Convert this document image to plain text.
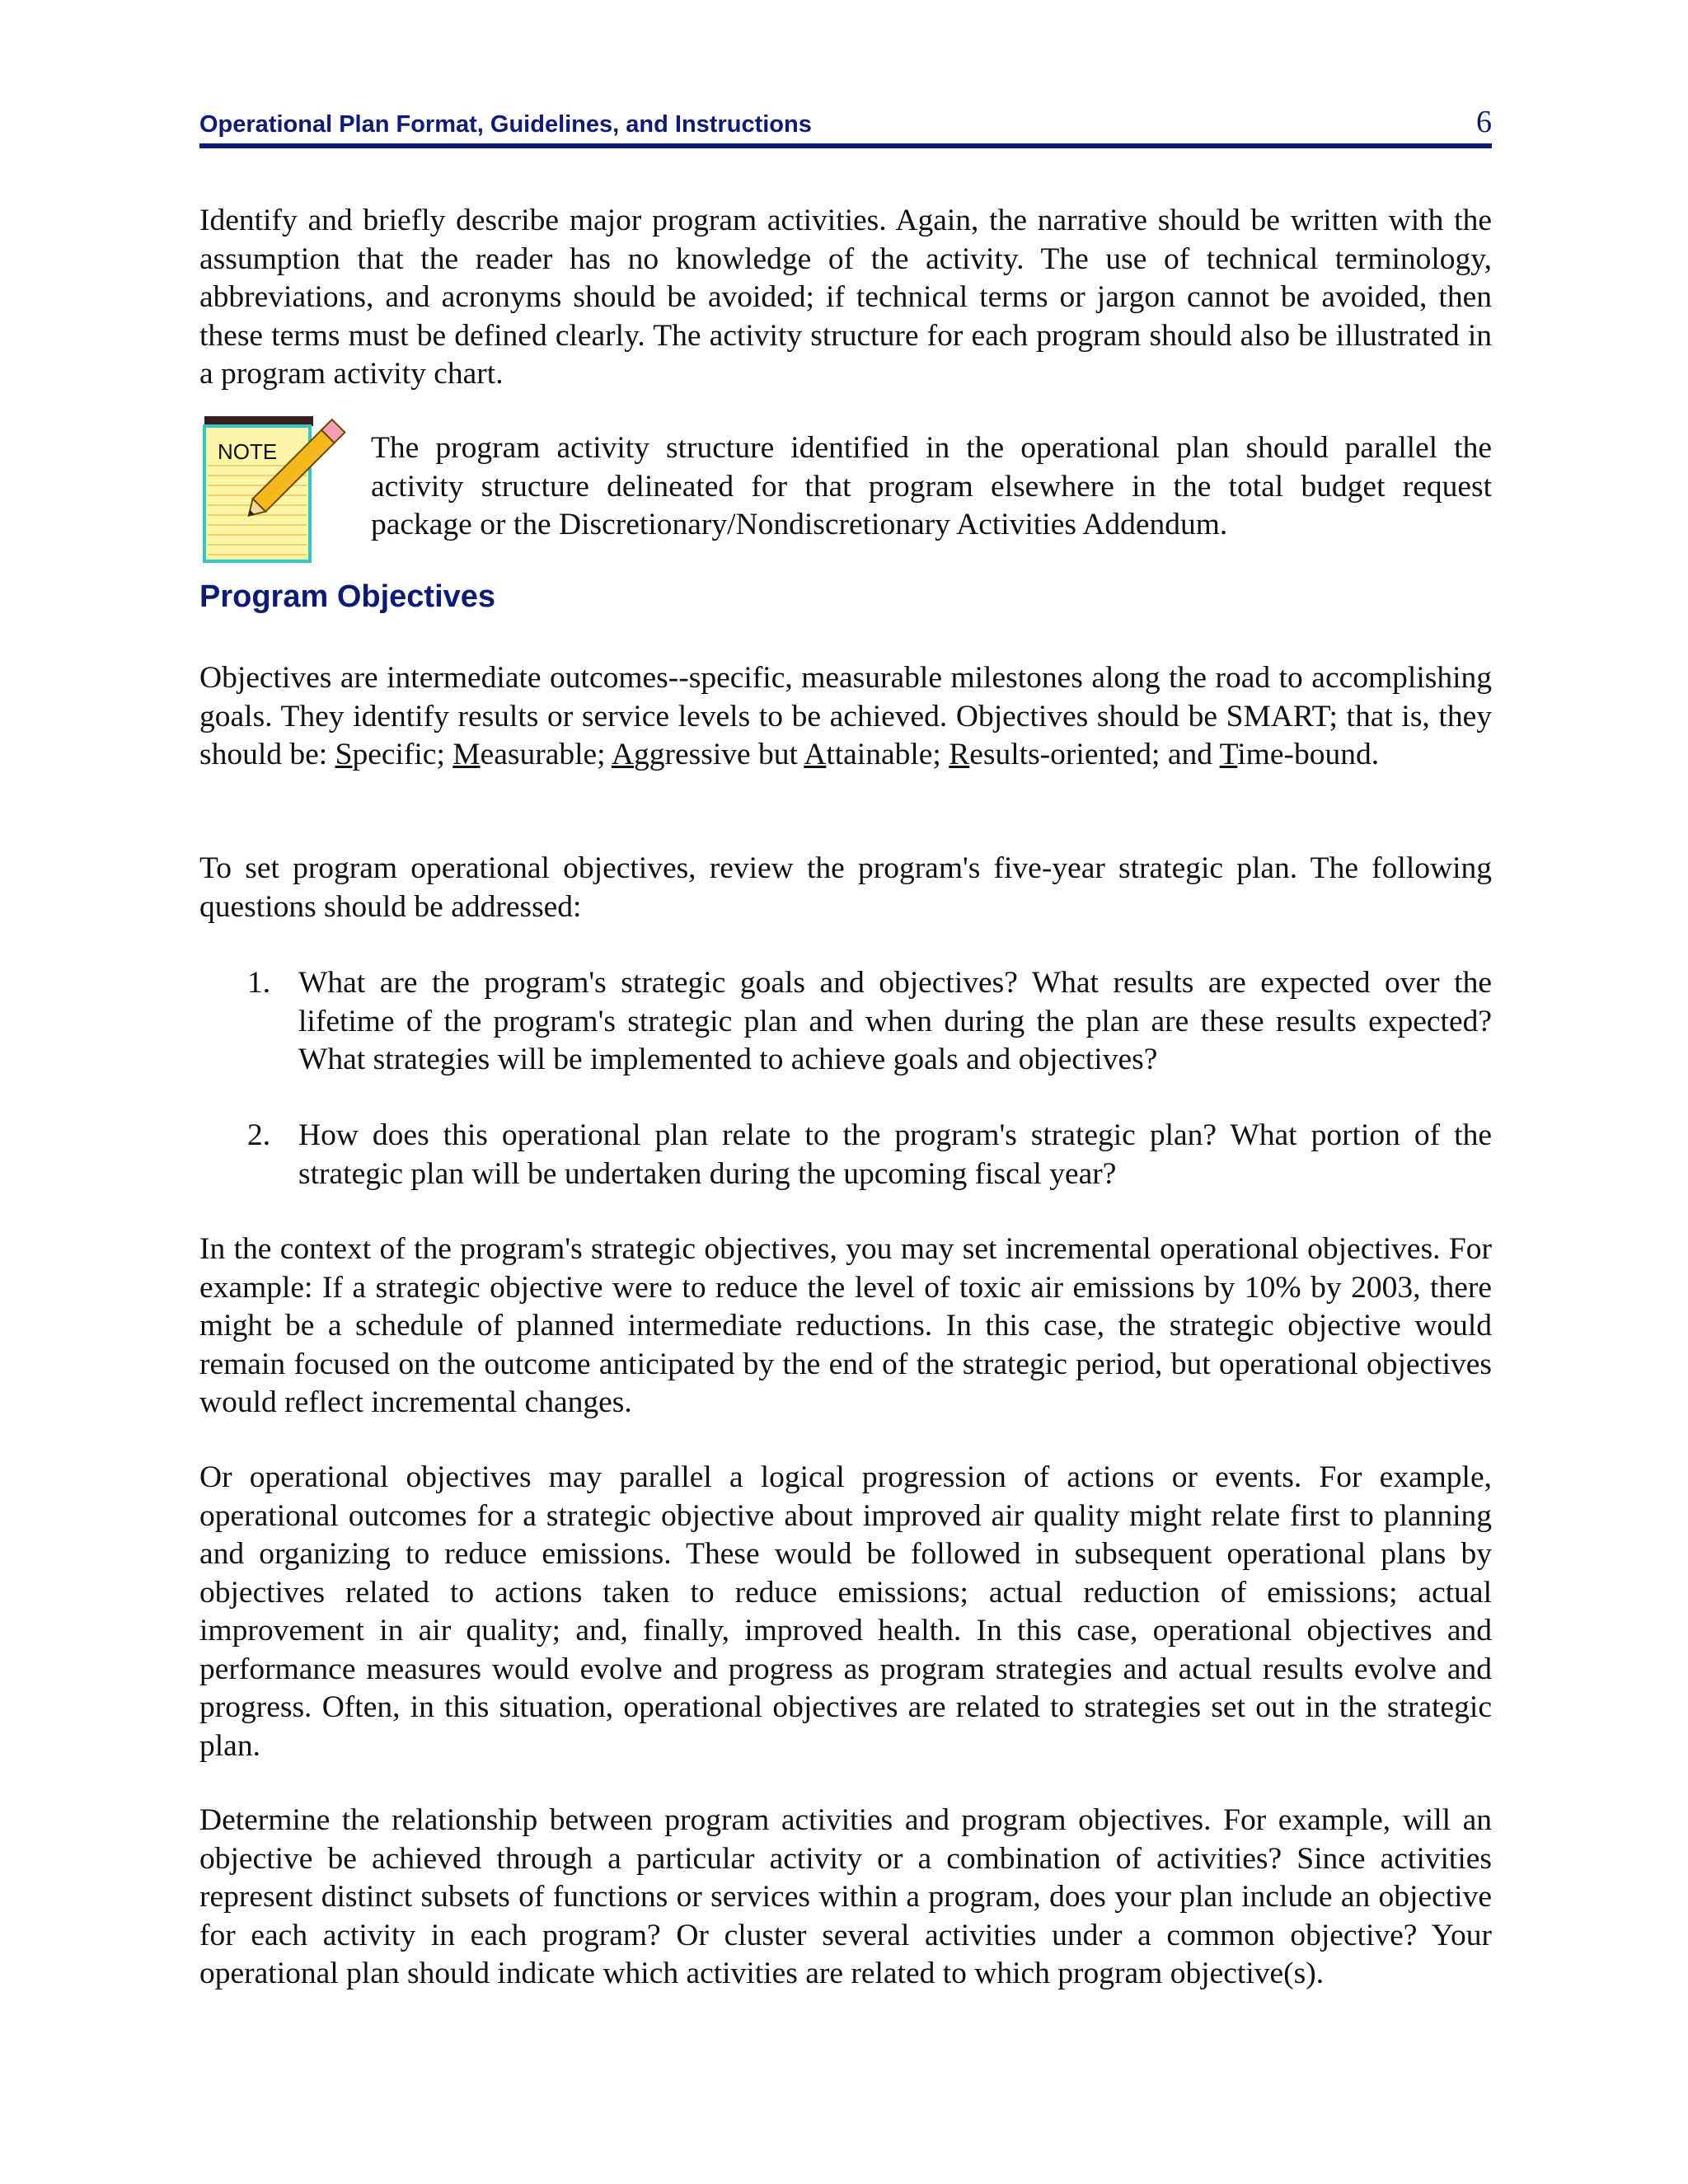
Operational Plan Format, Guidelines, and Instructions	6
Identify and briefly describe major program activities. Again, the narrative should be written with the assumption that the reader has no knowledge of the activity. The use of technical terminology, abbreviations, and acronyms should be avoided; if technical terms or jargon cannot be avoided, then these terms must be defined clearly. The activity structure for each program should also be illustrated in a program activity chart.
NOTE	The program activity structure identified in the operational plan should parallel the activity structure delineated for that program elsewhere in the total budget request package or the Discretionary/Nondiscretionary Activities Addendum.
Program Objectives
Objectives are intermediate outcomes--specific, measurable milestones along the road to accomplishing goals. They identify results or service levels to be achieved. Objectives should be SMART; that is, they should be: Specific; Measurable; Aggressive but Attainable; Results-oriented; and Time-bound.
To set program operational objectives, review the program's five-year strategic plan. The following questions should be addressed:
1. What are the program's strategic goals and objectives? What results are expected over the lifetime of the program's strategic plan and when during the plan are these results expected? What strategies will be implemented to achieve goals and objectives?
2. How does this operational plan relate to the program's strategic plan? What portion of the strategic plan will be undertaken during the upcoming fiscal year?
In the context of the program's strategic objectives, you may set incremental operational objectives. For example: If a strategic objective were to reduce the level of toxic air emissions by 10% by 2003, there might be a schedule of planned intermediate reductions. In this case, the strategic objective would remain focused on the outcome anticipated by the end of the strategic period, but operational objectives would reflect incremental changes.
Or operational objectives may parallel a logical progression of actions or events. For example, operational outcomes for a strategic objective about improved air quality might relate first to planning and organizing to reduce emissions. These would be followed in subsequent operational plans by objectives related to actions taken to reduce emissions; actual reduction of emissions; actual improvement in air quality; and, finally, improved health. In this case, operational objectives and performance measures would evolve and progress as program strategies and actual results evolve and progress. Often, in this situation, operational objectives are related to strategies set out in the strategic plan.
Determine the relationship between program activities and program objectives. For example, will an objective be achieved through a particular activity or a combination of activities? Since activities represent distinct subsets of functions or services within a program, does your plan include an objective for each activity in each program? Or cluster several activities under a common objective? Your operational plan should indicate which activities are related to which program objective(s).
